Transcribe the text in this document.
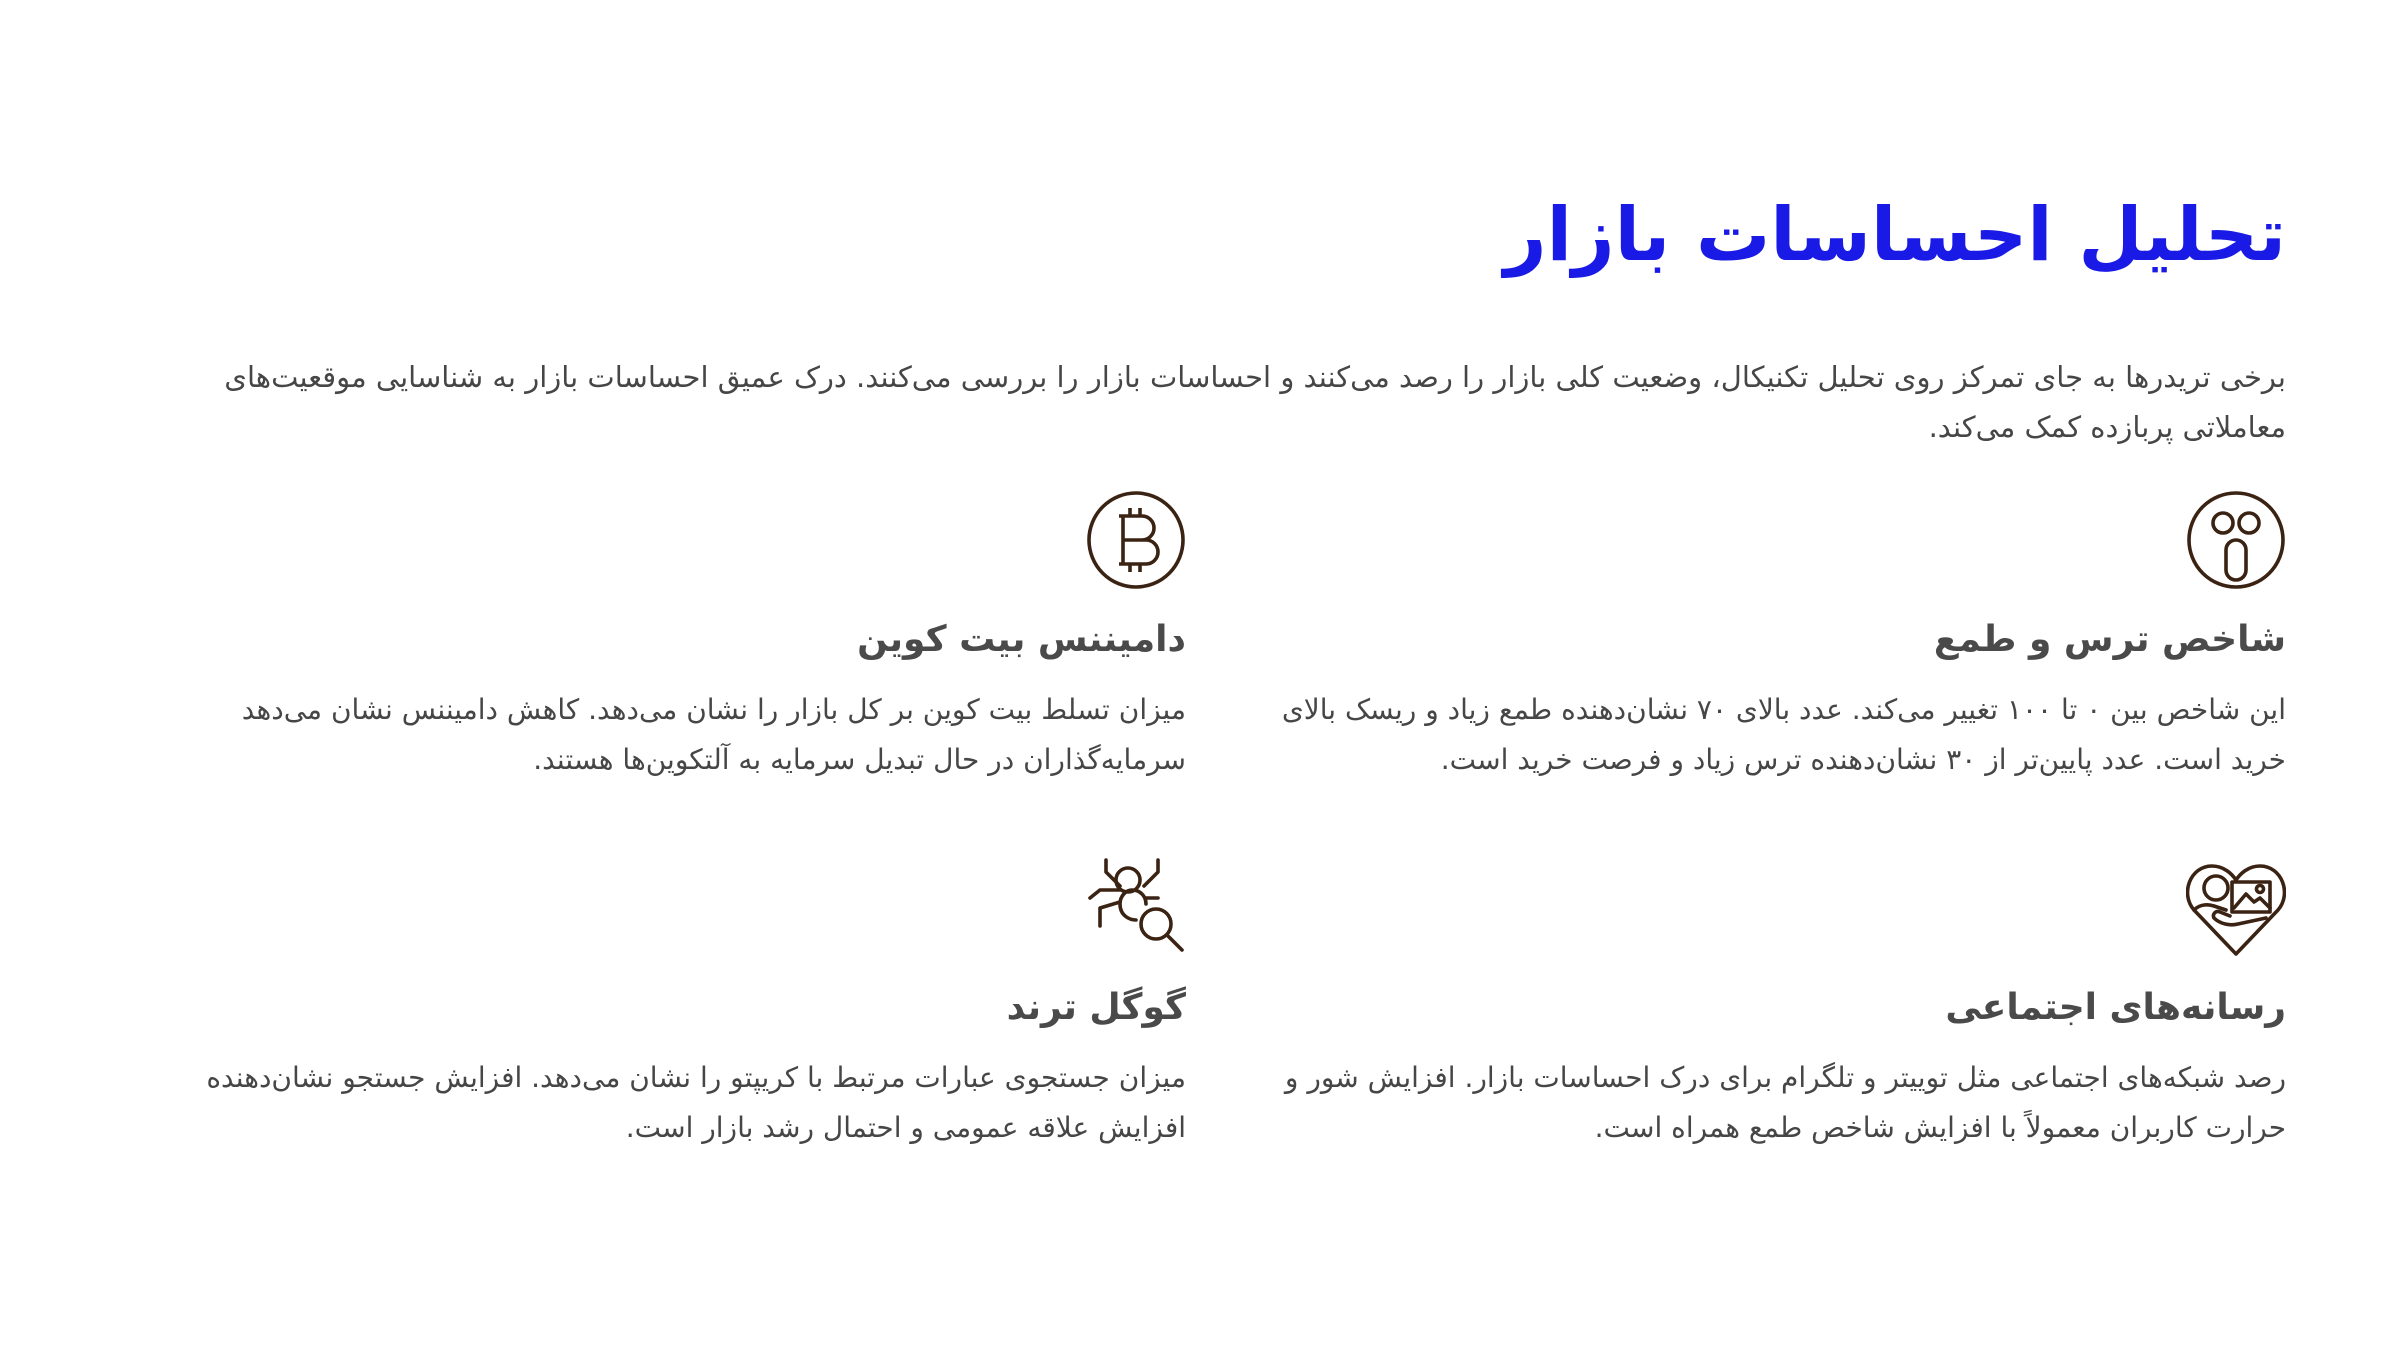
تحلیل احساسات بازار

برخی تریدرها به جای تمرکز روی تحلیل تکنیکال، وضعیت کلی بازار را رصد می‌کنند و احساسات بازار را بررسی می‌کنند. درک عمیق احساسات بازار به شناسایی موقعیت‌های معاملاتی پربازده کمک می‌کند.

شاخص ترس و طمع

این شاخص بین ۰ تا ۱۰۰ تغییر می‌کند. عدد بالای ۷۰ نشان‌دهنده طمع زیاد و ریسک بالای خرید است. عدد پایین‌تر از ۳۰ نشان‌دهنده ترس زیاد و فرصت خرید است.

دامیننس بیت کوین

میزان تسلط بیت کوین بر کل بازار را نشان می‌دهد. کاهش دامیننس نشان می‌دهد سرمایه‌گذاران در حال تبدیل سرمایه به آلتکوین‌ها هستند.

رسانه‌های اجتماعی

رصد شبکه‌های اجتماعی مثل توییتر و تلگرام برای درک احساسات بازار. افزایش شور و حرارت کاربران معمولاً با افزایش شاخص طمع همراه است.

گوگل ترند

میزان جستجوی عبارات مرتبط با کریپتو را نشان می‌دهد. افزایش جستجو نشان‌دهنده افزایش علاقه عمومی و احتمال رشد بازار است.
